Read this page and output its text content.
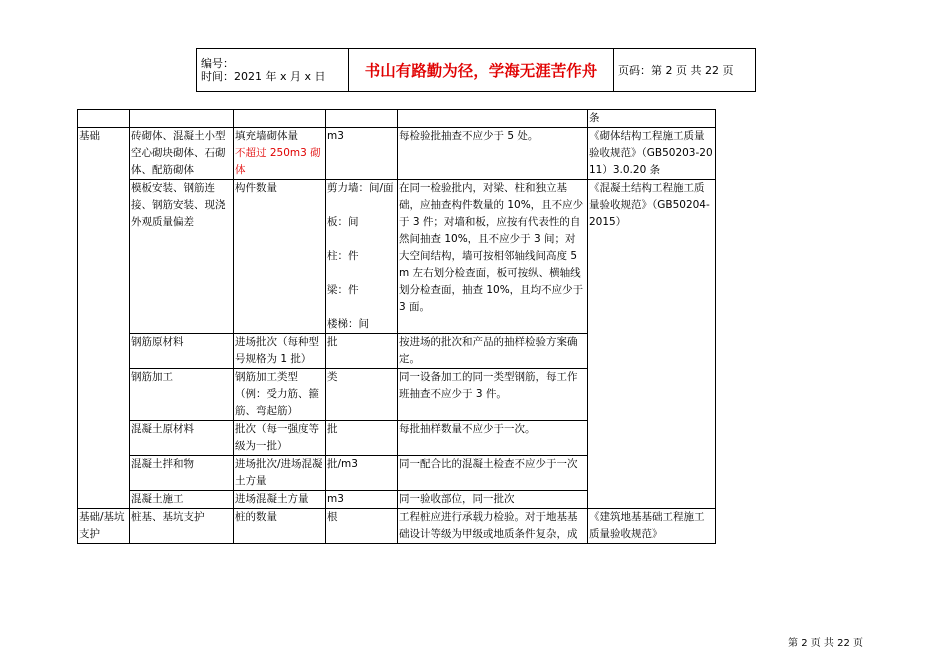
编号：
时间：2021 年 x 月 x 日	书山有路勤为径，学海无涯苦作舟	页码：第 2 页 共 22 页
					条
基础	砖砌体、混凝土小型空心砌块砌体、石砌体、配筋砌体	填充墙砌体量
不超过 250m3 砌体	m3	每检验批抽查不应少于 5 处。	《砌体结构工程施工质量验收规范》（GB50203-2011）3.0.20 条
	模板安装、钢筋连接、钢筋安装、现浇外观质量偏差	构件数量	剪力墙：间/面
板：间
柱：件
梁：件
楼梯：间	在同一检验批内，对梁、柱和独立基础，应抽查构件数量的 10%，且不应少于 3 件；对墙和板，应按有代表性的自然间抽查 10%，且不应少于 3 间；对大空间结构，墙可按相邻轴线间高度 5m 左右划分检查面，板可按纵、横轴线划分检查面，抽查 10%，且均不应少于 3 面。	《混凝土结构工程施工质量验收规范》（GB50204-2015）
	钢筋原材料	进场批次（每种型号规格为 1 批）	批	按进场的批次和产品的抽样检验方案确定。	
	钢筋加工	钢筋加工类型（例：受力筋、箍筋、弯起筋）	类	同一设备加工的同一类型钢筋，每工作班抽查不应少于 3 件。	
	混凝土原材料	批次（每一强度等级为一批）	批	每批抽样数量不应少于一次。	
	混凝土拌和物	进场批次/进场混凝土方量	批/m3	同一配合比的混凝土检查不应少于一次	
	混凝土施工	进场混凝土方量	m3	同一验收部位，同一批次	
基础/基坑支护	桩基、基坑支护	桩的数量	根	工程桩应进行承载力检验。对于地基基础设计等级为甲级或地质条件复杂，成	《建筑地基基础工程施工质量验收规范》
第 2 页 共 22 页
